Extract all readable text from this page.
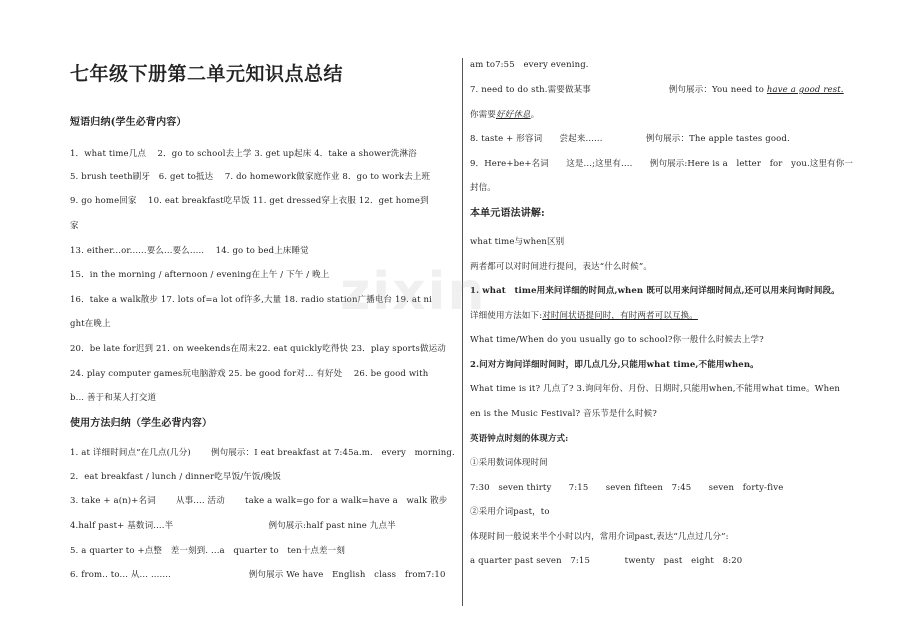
七年级下册第二单元知识点总结
短语归纳(学生必背内容）
1．what time几点　 2．go to school去上学 3. get up起床 4．take a shower洗淋浴
5. brush teeth刷牙　6. get to抵达　 7. do homework做家庭作业 8．go to work去上班
9. go home回家　 10. eat breakfast吃早饭 11. get dressed穿上衣服 12．get home到
家
13. either...or......要么...要么.....　 14. go to bed上床睡觉
15．in the morning / afternoon / evening在上午 / 下午 / 晚上
16．take a walk散步 17. lots of=a lot of许多,大量 18. radio station广播电台 19. at ni
ght在晚上
20．be late for迟到 21. on weekends在周末22. eat quickly吃得快 23．play sports做运动
24. play computer games玩电脑游戏 25. be good for对... 有好处　 26. be good with
b... 善于和某人打交道
使用方法归纳（学生必背内容）
1. at 详细时间点“在几点(几分)　　 例句展示：I eat breakfast at 7:45a.m.　every　morning.
2．eat breakfast / lunch / dinner吃早饭/午饭/晚饭
3. take + a(n)+名词　　 从事.... 活动　　 take a walk=go for a walk=have a　walk 散步
4.half past+ 基数词....半　　　　　　　　　　　例句展示:half past nine 九点半
5. a quarter to +点整　差一刻到. ...a　quarter to　ten十点差一刻
6. from.. to... 从... .......　　　　　　　　　例句展示 We have　English　class　from7:10
am to7:55　every evening.
7. need to do sth.需要做某事　　　　　　　　　例句展示：You need to have a good rest.
你需要好好休息。
8. taste + 形容词　　尝起来......　　　　　例句展示：The apple tastes good.
9．Here+be+名词　　这是...;这里有....　　例句展示:Here is a　letter　for　you.这里有你一
封信。
本单元语法讲解:
what time与when区别
两者都可以对时间进行提问，表达“什么时候”。
1. what　time用来问详细的时间点,when 既可以用来问详细时间点,还可以用来问询时间段。
详细使用方法如下:对时间状语提问时，有时两者可以互换。
What time/When do you usually go to school?你一般什么时候去上学?
2.问对方询问详细时间时，即几点几分,只能用what time,不能用when。
What time is it? 几点了? 3.询问年份、月份、日期时,只能用when,不能用what time。When
en is the Music Festival? 音乐节是什么时候?
英语钟点时刻的体现方式:
①采用数词体现时间
7:30　seven thirty　　7:15　　seven fifteen　7:45　　seven　forty-five
②采用介词past，to
体现时间一般说来半个小时以内，常用介词past,表达“几点过几分”:
a quarter past seven　7:15　　　　twenty　past　eight　8:20
zixin
